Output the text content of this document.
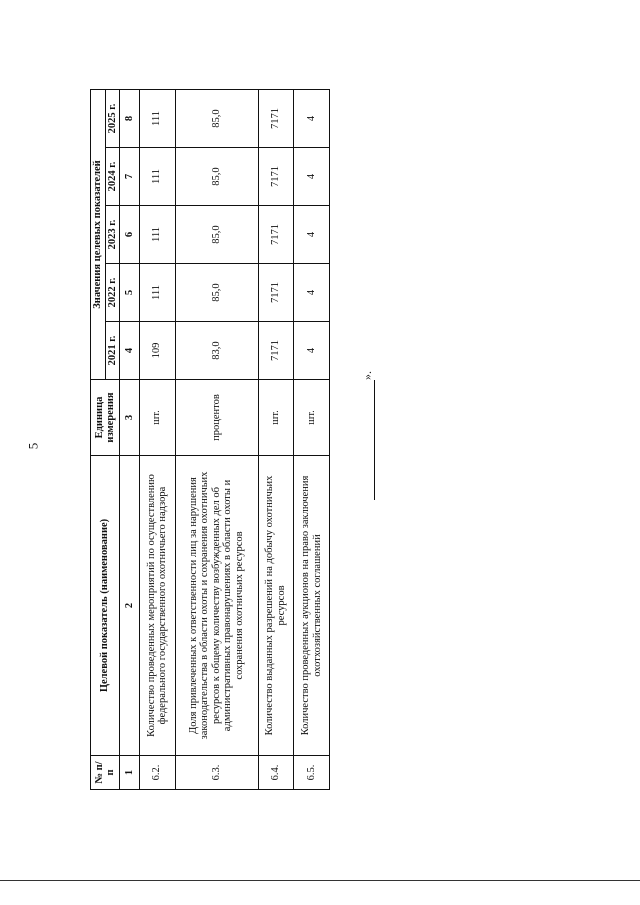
5
№ п/п	Целевой показатель (наименование)	Единица измерения	Значения целевых показателей				
			2021 г.	2022 г.	2023 г.	2024 г.	2025 г.
1	2	3	4	5	6	7	8
6.2.	Количество проведенных мероприятий по осуществлению федерального государственного охотничьего надзора	шт.	109	111	111	111	111
6.3.	Доля привлеченных к ответственности лиц за нарушения законодательства в области охоты и сохранения охотничьих ресурсов к общему количеству возбужденных дел об административных правонарушениях в области охоты и сохранения охотничьих ресурсов	процентов	83,0	85,0	85,0	85,0	85,0
6.4.	Количество выданных разрешений на добычу охотничьих ресурсов	шт.	7171	7171	7171	7171	7171
6.5.	Количество проведенных аукционов на право заключения охотхозяйственных соглашений	шт.	4	4	4	4	4
».
